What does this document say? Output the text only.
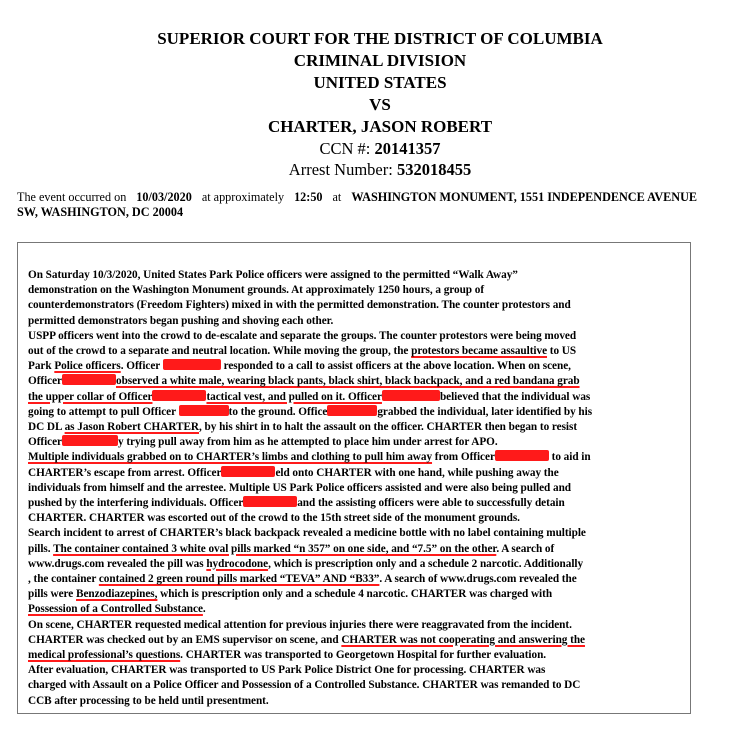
SUPERIOR COURT FOR THE DISTRICT OF COLUMBIA
CRIMINAL DIVISION
UNITED STATES
VS
CHARTER, JASON ROBERT
CCN #: 20141357
Arrest Number: 532018455
The event occurred on 10/03/2020 at approximately 12:50 at WASHINGTON MONUMENT, 1551 INDEPENDENCE AVENUE
SW, WASHINGTON, DC 20004
On Saturday 10/3/2020, United States Park Police officers were assigned to the permitted “Walk Away”
demonstration on the Washington Monument grounds. At approximately 1250 hours, a group of
counterdemonstrators (Freedom Fighters) mixed in with the permitted demonstration. The counter protestors and
permitted demonstrators began pushing and shoving each other.
USPP officers went into the crowd to de-escalate and separate the groups. The counter protestors were being moved
out of the crowd to a separate and neutral location. While moving the group, the protestors became assaultive to US
Park Police officers. Officer	responded to a call to assist officers at the above location. When on scene,
Officer	observed a white male, wearing black pants, black shirt, black backpack, and a red bandana grab
the upper collar of Officer	tactical vest, and pulled on it. Officer	believed that the individual was
going to attempt to pull Officer	to the ground. Office	grabbed the individual, later identified by his
DC DL as Jason Robert CHARTER, by his shirt in to halt the assault on the officer. CHARTER then began to resist
Officer	y trying pull away from him as he attempted to place him under arrest for APO.
Multiple individuals grabbed on to CHARTER’s limbs and clothing to pull him away from Officer	to aid in
CHARTER’s escape from arrest. Officer	eld onto CHARTER with one hand, while pushing away the
individuals from himself and the arrestee. Multiple US Park Police officers assisted and were also being pulled and
pushed by the interfering individuals. Officer	and the assisting officers were able to successfully detain
CHARTER. CHARTER was escorted out of the crowd to the 15th street side of the monument grounds.
Search incident to arrest of CHARTER’s black backpack revealed a medicine bottle with no label containing multiple
pills. The container contained 3 white oval pills marked “n 357” on one side, and “7.5” on the other. A search of
www.drugs.com revealed the pill was hydrocodone, which is prescription only and a schedule 2 narcotic. Additionally
, the container contained 2 green round pills marked “TEVA” AND “B33”. A search of www.drugs.com revealed the
pills were Benzodiazepines, which is prescription only and a schedule 4 narcotic. CHARTER was charged with
Possession of a Controlled Substance.
On scene, CHARTER requested medical attention for previous injuries there were reaggravated from the incident.
CHARTER was checked out by an EMS supervisor on scene, and CHARTER was not cooperating and answering the
medical professional’s questions. CHARTER was transported to Georgetown Hospital for further evaluation.
After evaluation, CHARTER was transported to US Park Police District One for processing. CHARTER was
charged with Assault on a Police Officer and Possession of a Controlled Substance. CHARTER was remanded to DC
CCB after processing to be held until presentment.
